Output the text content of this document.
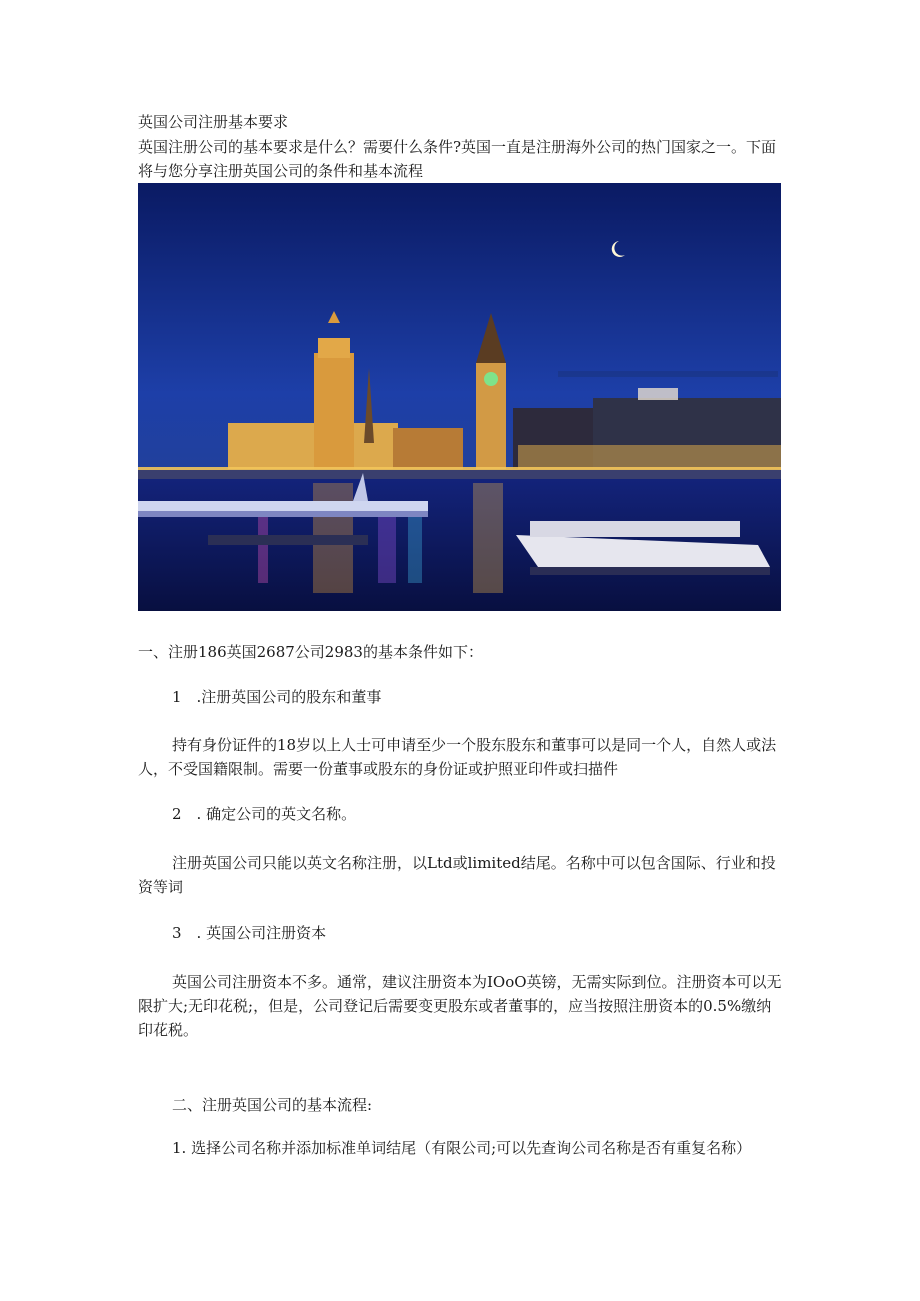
英国公司注册基本要求
英国注册公司的基本要求是什么？需要什么条件?英国一直是注册海外公司的热门国家之一。下面将与您分享注册英国公司的条件和基本流程
一、注册186英国2687公司2983的基本条件如下：
1　.注册英国公司的股东和董事
持有身份证件的18岁以上人士可申请至少一个股东股东和董事可以是同一个人，自然人或法人，不受国籍限制。需要一份董事或股东的身份证或护照亚印件或扫描件
2　. 确定公司的英文名称。
注册英国公司只能以英文名称注册，以Ltd或limited结尾。名称中可以包含国际、行业和投资等词
3　. 英国公司注册资本
英国公司注册资本不多。通常，建议注册资本为IOoO英镑，无需实际到位。注册资本可以无限扩大;无印花税;，但是，公司登记后需要变更股东或者董事的，应当按照注册资本的0.5%缴纳印花税。
二、注册英国公司的基本流程:
1. 选择公司名称并添加标准单词结尾（有限公司;可以先查询公司名称是否有重复名称）
